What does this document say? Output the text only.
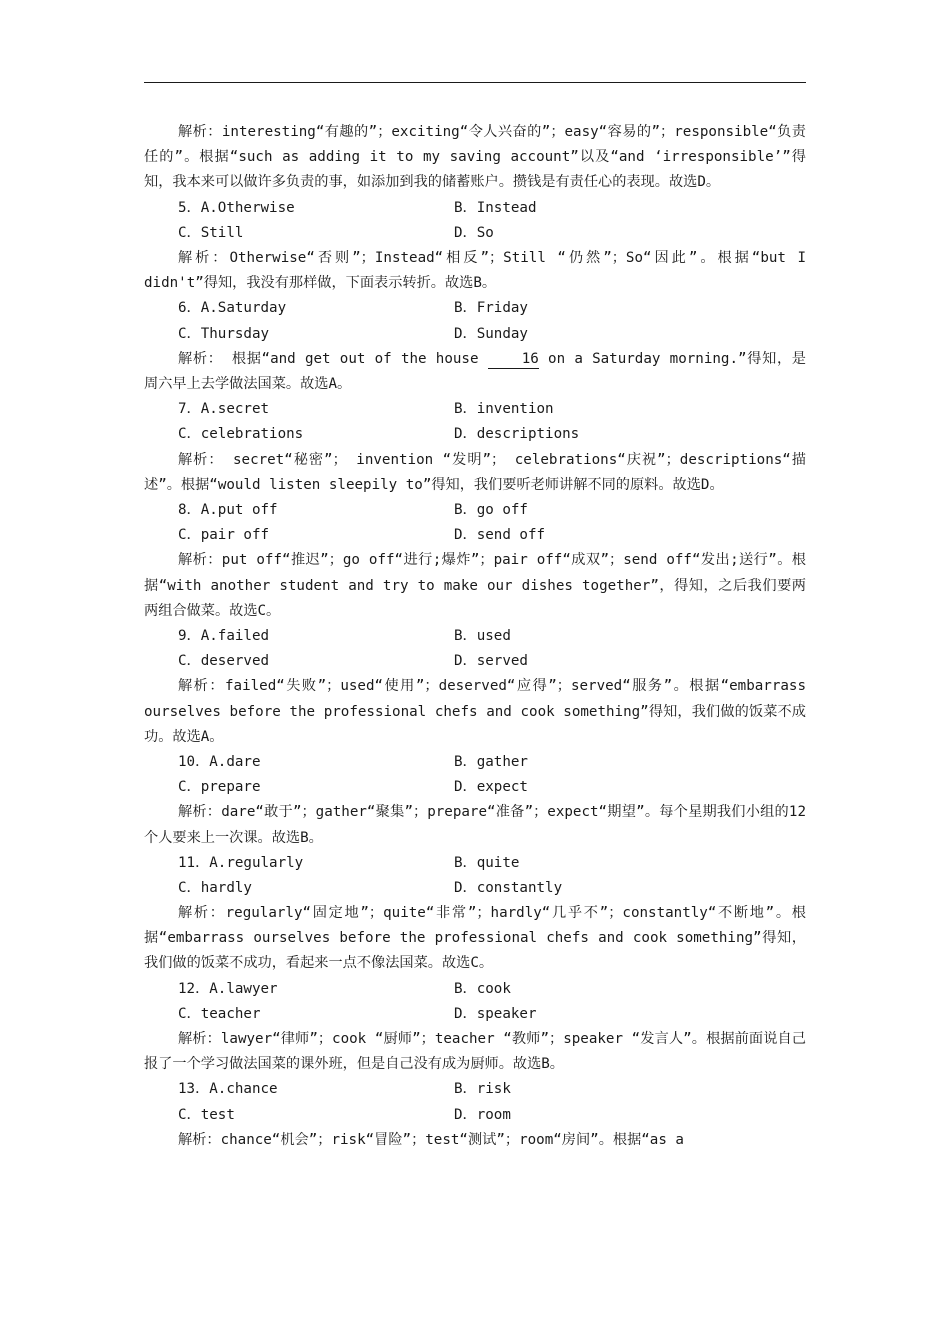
解析：interesting“有趣的”；exciting“令人兴奋的”；easy“容易的”；responsible“负责任的”。根据“such as adding it to my saving account”以及“and ‘irresponsible’”得知，我本来可以做许多负责的事，如添加到我的储蓄账户。攒钱是有责任心的表现。故选D。

5．A.Otherwise	B．Instead
C．Still	D．So

解析：Otherwise“否则”；Instead“相反”；Still “仍然”；So“因此”。根据“but I didn't”得知，我没有那样做，下面表示转折。故选B。

6．A.Saturday	B．Friday
C．Thursday	D．Sunday

解析： 根据“and get out of the house 16 on a Saturday morning.”得知，是周六早上去学做法国菜。故选A。

7．A.secret	B．invention
C．celebrations	D．descriptions

解析： secret“秘密”； invention “发明”； celebrations“庆祝”；descriptions“描述”。根据“would listen sleepily to”得知，我们要听老师讲解不同的原料。故选D。

8．A.put off	B．go off
C．pair off	D．send off

解析：put off“推迟”；go off“进行;爆炸”；pair off“成双”；send off“发出;送行”。根据“with another student and try to make our dishes together”，得知，之后我们要两两组合做菜。故选C。

9．A.failed	B．used
C．deserved	D．served

解析：failed“失败”；used“使用”；deserved“应得”；served“服务”。根据“embarrass ourselves before the professional chefs and cook something”得知，我们做的饭菜不成功。故选A。

10．A.dare	B．gather
C．prepare	D．expect

解析：dare“敢于”；gather“聚集”；prepare“准备”；expect“期望”。每个星期我们小组的12个人要来上一次课。故选B。

11．A.regularly	B．quite
C．hardly	D．constantly

解析：regularly“固定地”；quite“非常”；hardly“几乎不”；constantly“不断地”。根据“embarrass ourselves before the professional chefs and cook something”得知，我们做的饭菜不成功，看起来一点不像法国菜。故选C。

12．A.lawyer	B．cook
C．teacher	D．speaker

解析：lawyer“律师”；cook “厨师”；teacher “教师”；speaker “发言人”。根据前面说自己报了一个学习做法国菜的课外班，但是自己没有成为厨师。故选B。

13．A.chance	B．risk
C．test	D．room

解析：chance“机会”；risk“冒险”；test“测试”；room“房间”。根据“as a
